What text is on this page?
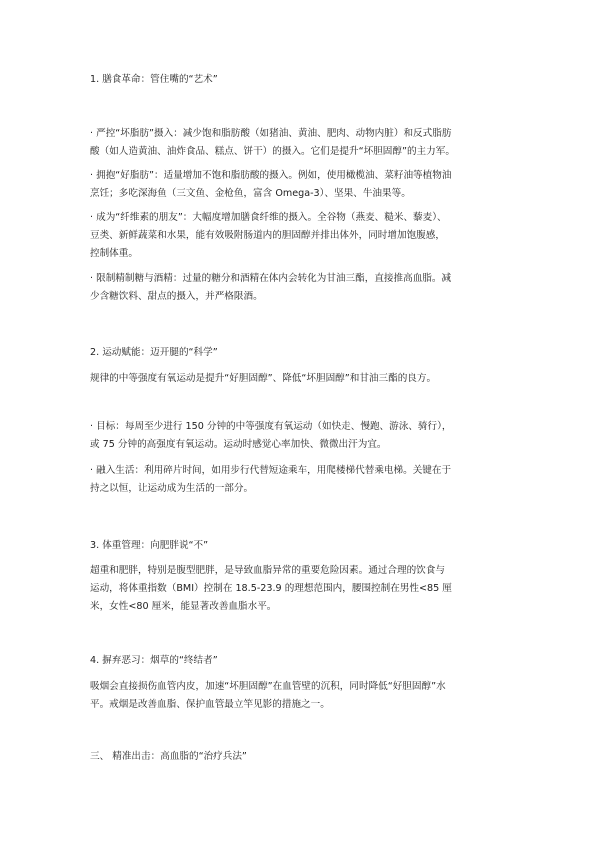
1. 膳食革命：管住嘴的“艺术”
· 严控“坏脂肪”摄入：减少饱和脂肪酸（如猪油、黄油、肥肉、动物内脏）和反式脂肪
酸（如人造黄油、油炸食品、糕点、饼干）的摄入。它们是提升“坏胆固醇”的主力军。
· 拥抱“好脂肪”：适量增加不饱和脂肪酸的摄入。例如，使用橄榄油、菜籽油等植物油
烹饪；多吃深海鱼（三文鱼、金枪鱼，富含 Omega-3）、坚果、牛油果等。
· 成为“纤维素的朋友”：大幅度增加膳食纤维的摄入。全谷物（燕麦、糙米、藜麦）、
豆类、新鲜蔬菜和水果，能有效吸附肠道内的胆固醇并排出体外，同时增加饱腹感，
控制体重。
· 限制精制糖与酒精：过量的糖分和酒精在体内会转化为甘油三酯，直接推高血脂。减
少含糖饮料、甜点的摄入，并严格限酒。
2. 运动赋能：迈开腿的“科学”
规律的中等强度有氧运动是提升“好胆固醇”、降低“坏胆固醇”和甘油三酯的良方。
· 目标：每周至少进行 150 分钟的中等强度有氧运动（如快走、慢跑、游泳、骑行），
或 75 分钟的高强度有氧运动。运动时感觉心率加快、微微出汗为宜。
· 融入生活：利用碎片时间，如用步行代替短途乘车，用爬楼梯代替乘电梯。关键在于
持之以恒，让运动成为生活的一部分。
3. 体重管理：向肥胖说“不”
超重和肥胖，特别是腹型肥胖，是导致血脂异常的重要危险因素。通过合理的饮食与
运动，将体重指数（BMI）控制在 18.5-23.9 的理想范围内，腰围控制在男性<85 厘
米，女性<80 厘米，能显著改善血脂水平。
4. 摒弃恶习：烟草的“终结者”
吸烟会直接损伤血管内皮，加速“坏胆固醇”在血管壁的沉积，同时降低“好胆固醇”水
平。戒烟是改善血脂、保护血管最立竿见影的措施之一。
三、 精准出击：高血脂的“治疗兵法”
